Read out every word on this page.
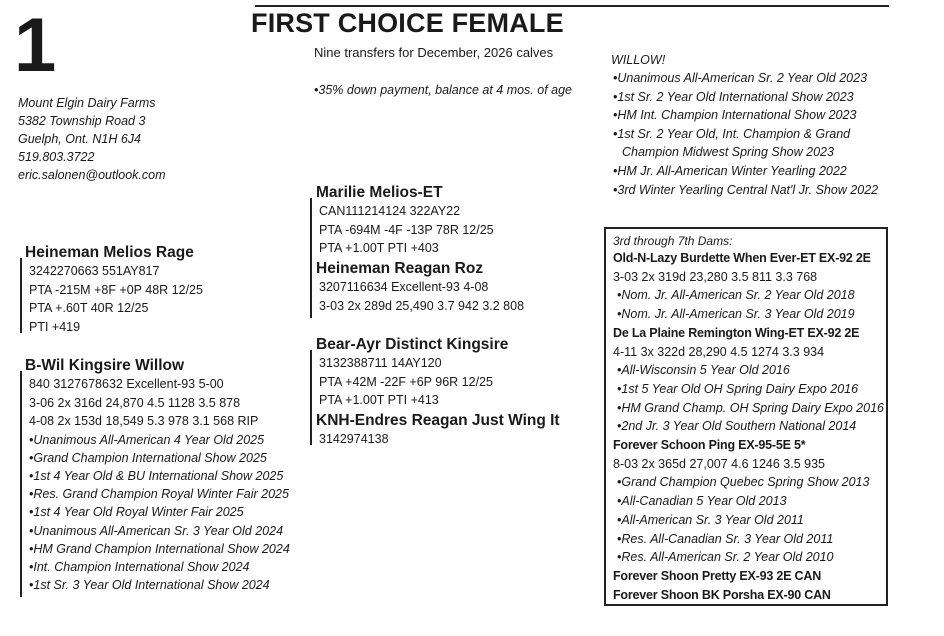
1	FIRST CHOICE FEMALE
Nine transfers for December, 2026 calves
•35% down payment, balance at 4 mos. of age
Mount Elgin Dairy Farms
5382 Township Road 3
Guelph, Ont. N1H 6J4
519.803.3722
eric.salonen@outlook.com
Heineman Melios Rage
3242270663 551AY817
PTA -215M +8F +0P 48R 12/25
PTA +.60T 40R 12/25
PTI +419
Marilie Melios-ET
CAN111214124 322AY22
PTA -694M -4F -13P 78R 12/25
PTA +1.00T PTI +403
Heineman Reagan Roz
3207116634 Excellent-93 4-08
3-03 2x 289d 25,490 3.7 942 3.2 808
B-Wil Kingsire Willow
840 3127678632 Excellent-93 5-00
3-06 2x 316d 24,870 4.5 1128 3.5 878
4-08 2x 153d 18,549 5.3 978 3.1 568 RIP
•Unanimous All-American 4 Year Old 2025
•Grand Champion International Show 2025
•1st 4 Year Old & BU International Show 2025
•Res. Grand Champion Royal Winter Fair 2025
•1st 4 Year Old Royal Winter Fair 2025
•Unanimous All-American Sr. 3 Year Old 2024
•HM Grand Champion International Show 2024
•Int. Champion International Show 2024
•1st Sr. 3 Year Old International Show 2024
Bear-Ayr Distinct Kingsire
3132388711 14AY120
PTA +42M -22F +6P 96R 12/25
PTA +1.00T PTI +413
KNH-Endres Reagan Just Wing It
3142974138
WILLOW!
•Unanimous All-American Sr. 2 Year Old 2023
•1st Sr. 2 Year Old International Show 2023
•HM Int. Champion International Show 2023
•1st Sr. 2 Year Old, Int. Champion & Grand
Champion Midwest Spring Show 2023
•HM Jr. All-American Winter Yearling 2022
•3rd Winter Yearling Central Nat'l Jr. Show 2022
3rd through 7th Dams:
Old-N-Lazy Burdette When Ever-ET EX-92 2E
3-03 2x 319d 23,280 3.5 811 3.3 768
•Nom. Jr. All-American Sr. 2 Year Old 2018
•Nom. Jr. All-American Sr. 3 Year Old 2019
De La Plaine Remington Wing-ET EX-92 2E
4-11 3x 322d 28,290 4.5 1274 3.3 934
•All-Wisconsin 5 Year Old 2016
•1st 5 Year Old OH Spring Dairy Expo 2016
•HM Grand Champ. OH Spring Dairy Expo 2016
•2nd Jr. 3 Year Old Southern National 2014
Forever Schoon Ping EX-95-5E 5*
8-03 2x 365d 27,007 4.6 1246 3.5 935
•Grand Champion Quebec Spring Show 2013
•All-Canadian 5 Year Old 2013
•All-American Sr. 3 Year Old 2011
•Res. All-Canadian Sr. 3 Year Old 2011
•Res. All-American Sr. 2 Year Old 2010
Forever Shoon Pretty EX-93 2E CAN
Forever Shoon BK Porsha EX-90 CAN
